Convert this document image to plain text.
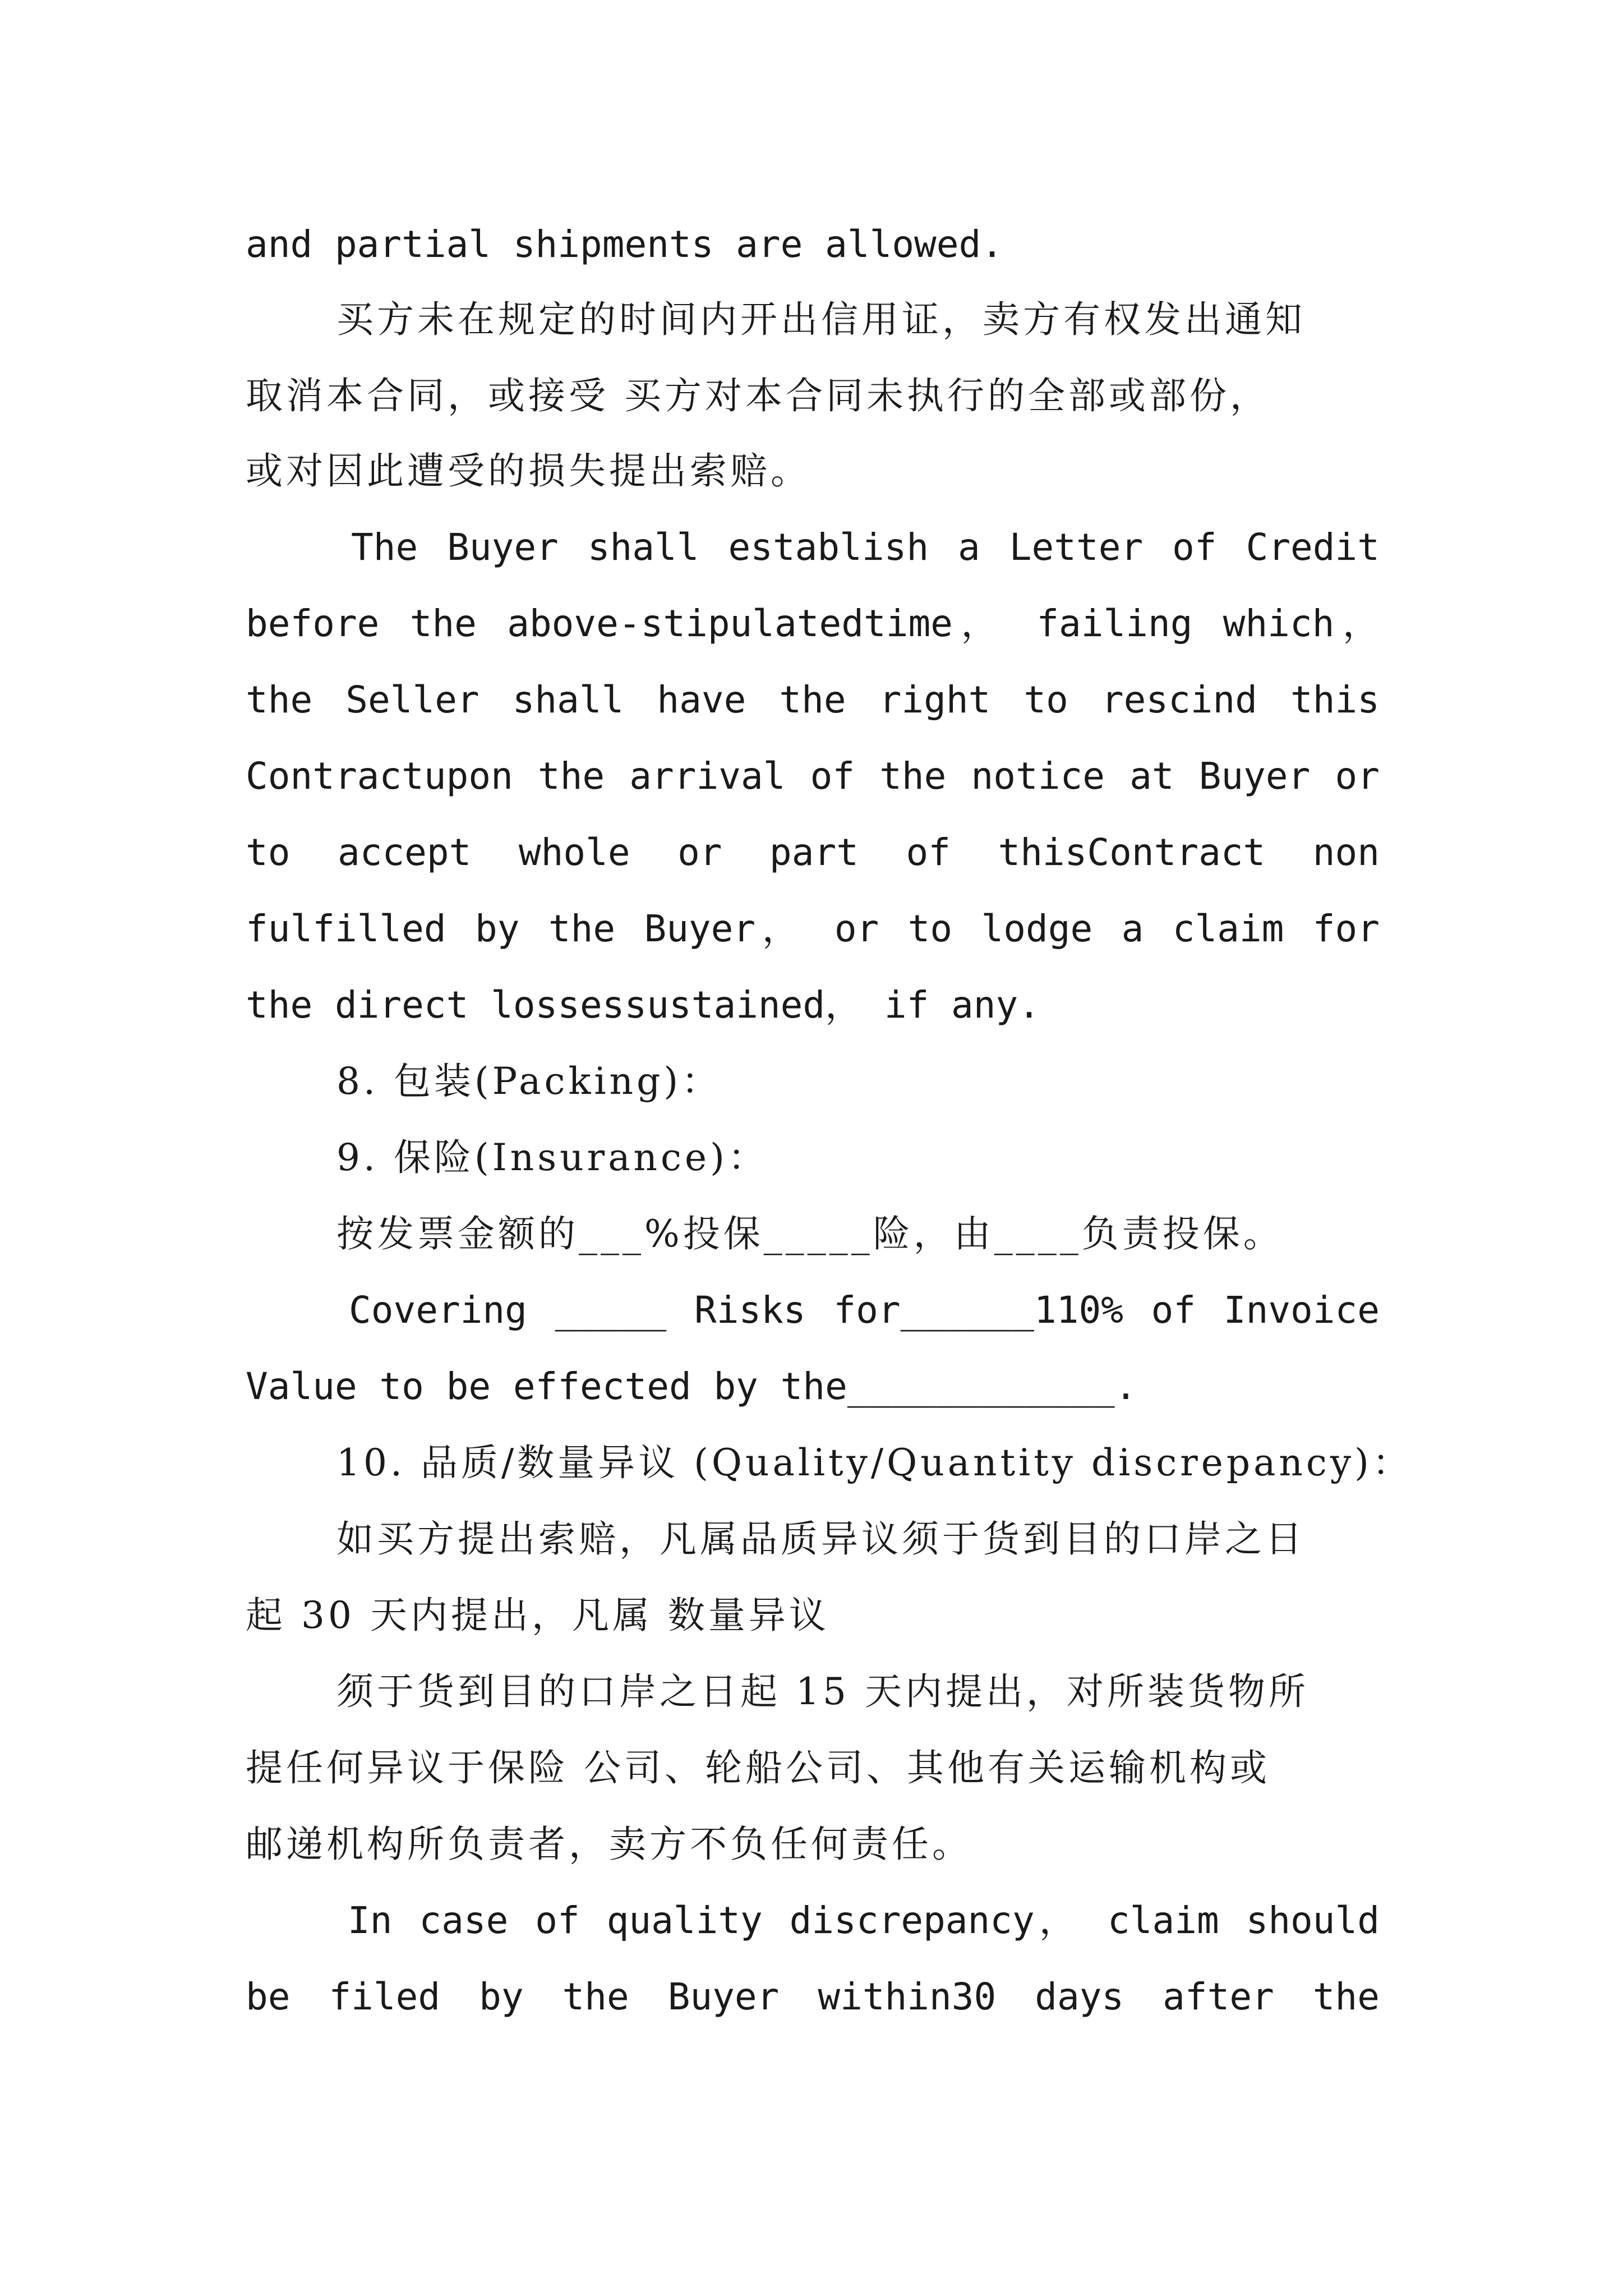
and partial shipments are allowed.
买方未在规定的时间内开出信用证，卖方有权发出通知
取消本合同，或接受 买方对本合同未执行的全部或部份，
或对因此遭受的损失提出索赔。
The Buyer shall establish a Letter of Credit
before the above-stipulatedtime， failing which，
the Seller shall have the right to rescind this
Contractupon the arrival of the notice at Buyer or
to accept whole or part of thisContract non
fulfilled by the Buyer， or to lodge a claim for
the direct lossessustained， if any.
8. 包装(Packing)：
9. 保险(Insurance)：
按发票金额的___%投保_____险，由____负责投保。
Covering _____ Risks for______110% of Invoice
Value to be effected by the____________.
10. 品质/数量异议 (Quality/Quantity discrepancy)：
如买方提出索赔，凡属品质异议须于货到目的口岸之日
起 30 天内提出，凡属 数量异议
须于货到目的口岸之日起 15 天内提出，对所装货物所
提任何异议于保险 公司、轮船公司、其他有关运输机构或
邮递机构所负责者，卖方不负任何责任。
In case of quality discrepancy， claim should
be filed by the Buyer within30 days after the
